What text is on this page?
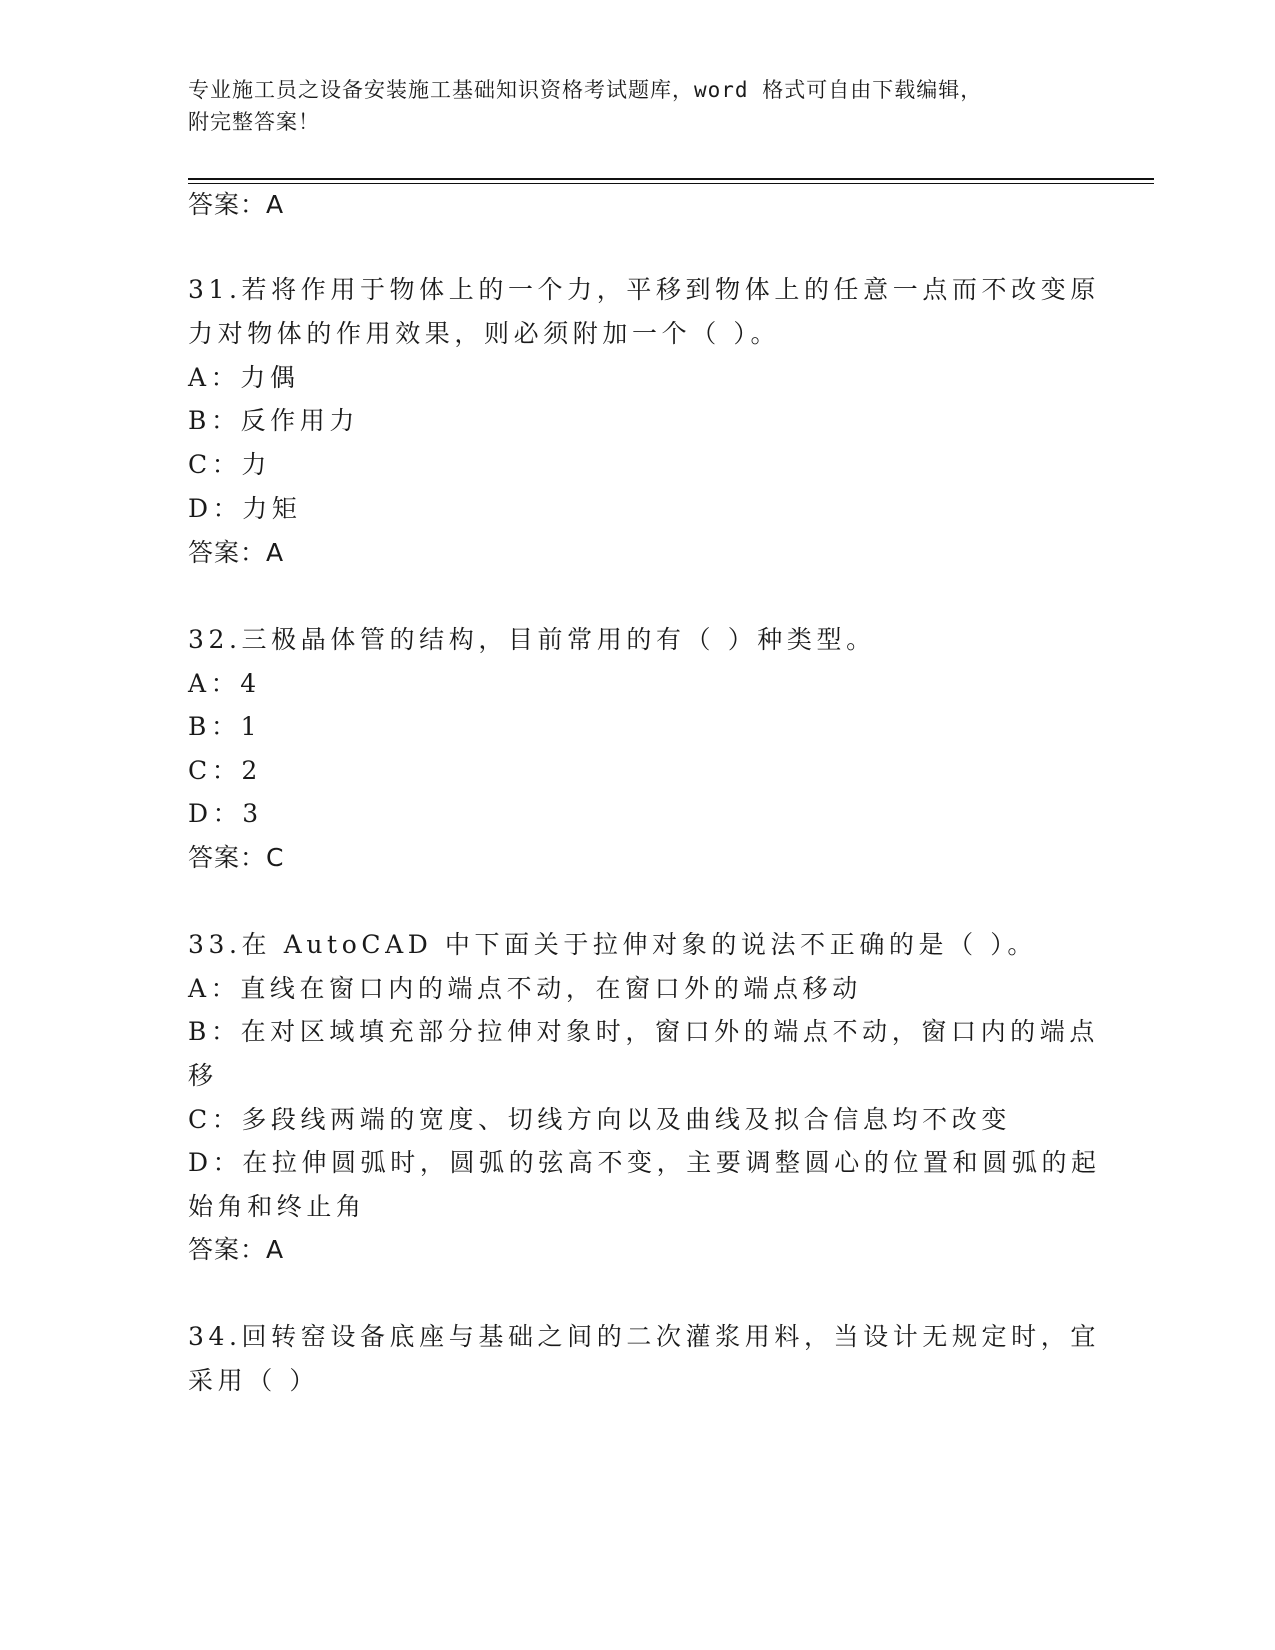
专业施工员之设备安装施工基础知识资格考试题库，word 格式可自由下载编辑，
附完整答案！
答案：A
31.若将作用于物体上的一个力，平移到物体上的任意一点而不改变原
力对物体的作用效果，则必须附加一个（ ）。
A：力偶
B：反作用力
C：力
D：力矩
答案：A
32.三极晶体管的结构，目前常用的有（ ）种类型。
A：4
B：1
C：2
D：3
答案：C
33.在 AutoCAD 中下面关于拉伸对象的说法不正确的是（ ）。
A：直线在窗口内的端点不动，在窗口外的端点移动
B：在对区域填充部分拉伸对象时，窗口外的端点不动，窗口内的端点
移
C：多段线两端的宽度、切线方向以及曲线及拟合信息均不改变
D：在拉伸圆弧时，圆弧的弦高不变，主要调整圆心的位置和圆弧的起
始角和终止角
答案：A
34.回转窑设备底座与基础之间的二次灌浆用料，当设计无规定时，宜
采用（ ）
